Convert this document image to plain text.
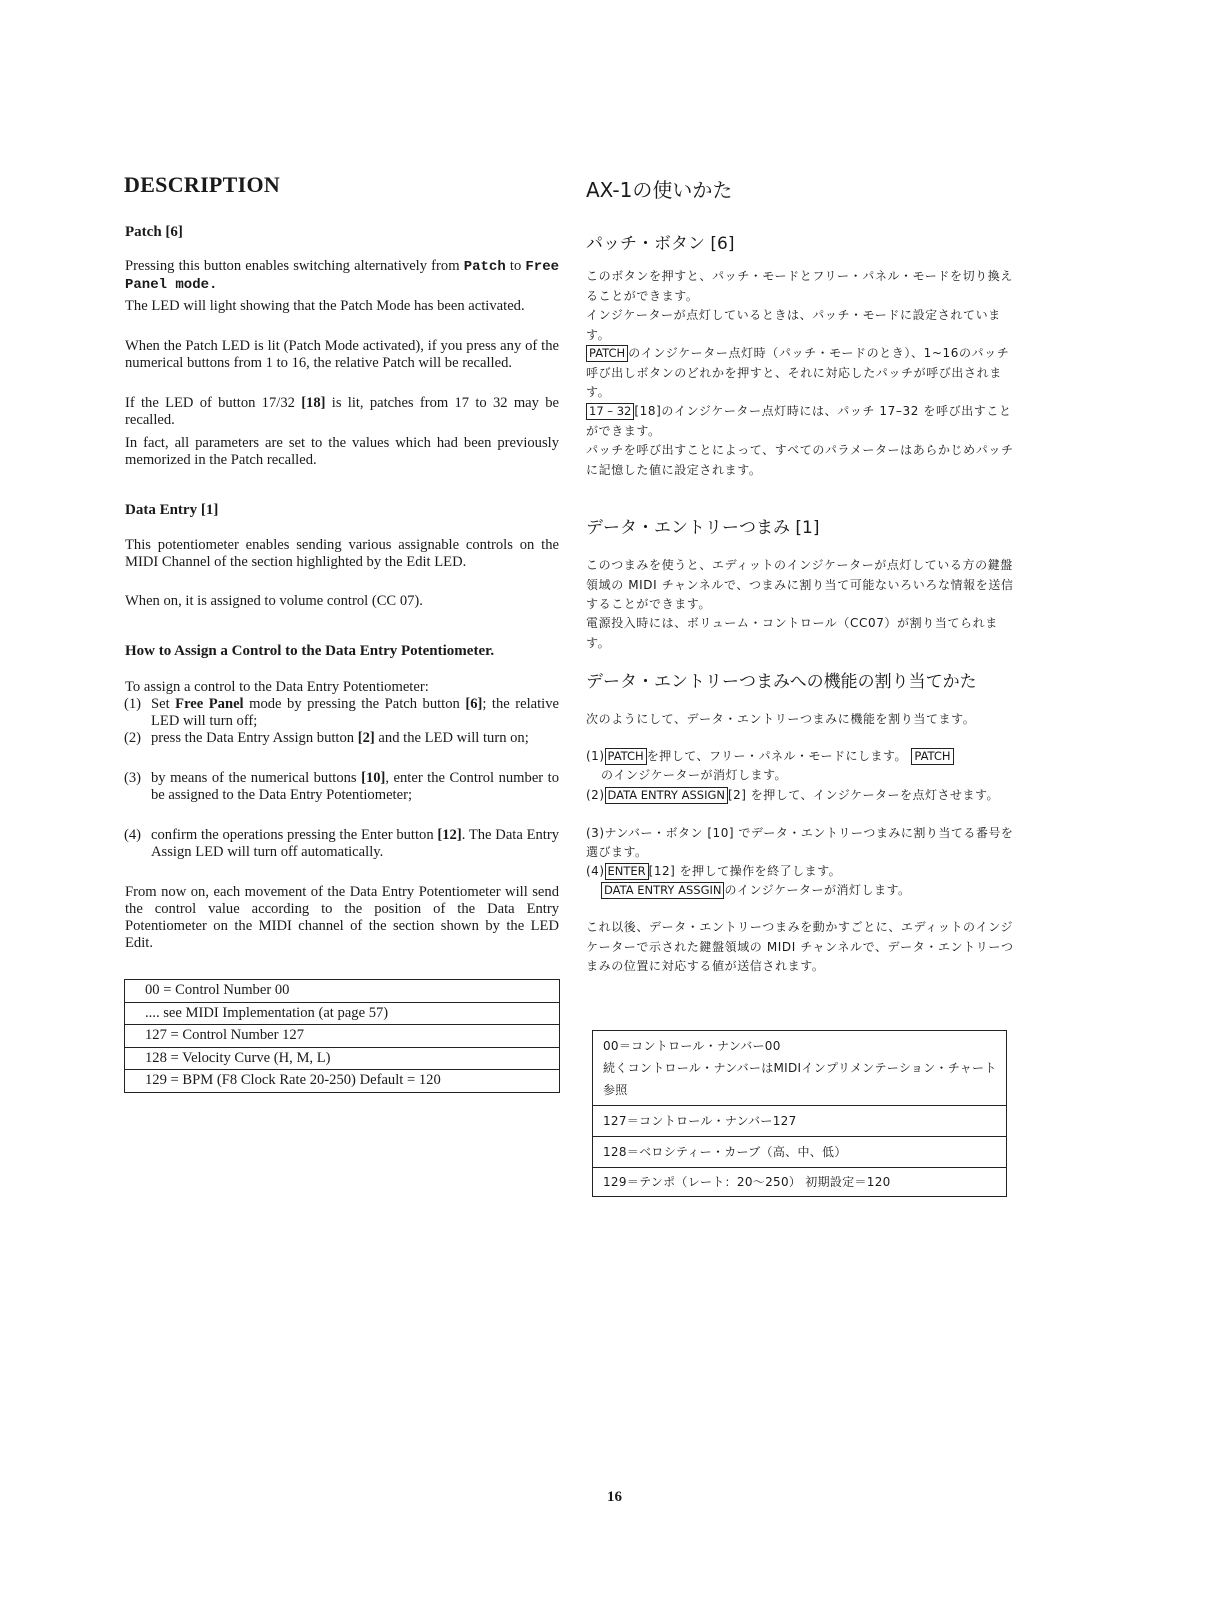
DESCRIPTION
Patch [6]
Pressing this button enables switching alternatively from Patch to Free Panel mode.
The LED will light showing that the Patch Mode has been activated.
When the Patch LED is lit (Patch Mode activated), if you press any of the numerical buttons from 1 to 16, the relative Patch will be recalled.
If the LED of button 17/32 [18] is lit, patches from 17 to 32 may be recalled.
In fact, all parameters are set to the values which had been previously memorized in the Patch recalled.
Data Entry [1]
This potentiometer enables sending various assignable controls on the MIDI Channel of the section highlighted by the Edit LED.
When on, it is assigned to volume control (CC 07).
How to Assign a Control to the Data Entry Potentiometer.
To assign a control to the Data Entry Potentiometer:
(1) Set Free Panel mode by pressing the Patch button [6]; the relative LED will turn off;
(2) press the Data Entry Assign button [2] and the LED will turn on;
(3) by means of the numerical buttons [10], enter the Control number to be assigned to the Data Entry Potentiometer;
(4) confirm the operations pressing the Enter button [12]. The Data Entry Assign LED will turn off automatically.
From now on, each movement of the Data Entry Potentiometer will send the control value according to the position of the Data Entry Potentiometer on the MIDI channel of the section shown by the LED Edit.
00 = Control Number 00
.... see MIDI Implementation (at page 57)
127 = Control Number 127
128 = Velocity Curve (H, M, L)
129 = BPM (F8 Clock Rate 20-250) Default = 120
AX-1の使いかた
パッチ・ボタン [6]
このボタンを押すと、パッチ・モードとフリー・パネル・モードを切り換えることができます。
インジケーターが点灯しているときは、パッチ・モードに設定されています。
PATCH のインジケーター点灯時（パッチ・モードのとき）、1~16のパッチ呼び出しボタンのどれかを押すと、それに対応したパッチが呼び出されます。
17 – 32 [18]のインジケーター点灯時には、パッチ 17–32 を呼び出すことができます。
パッチを呼び出すことによって、すべてのパラメーターはあらかじめパッチに記憶した値に設定されます。
データ・エントリーつまみ [1]
このつまみを使うと、エディットのインジケーターが点灯している方の鍵盤領域の MIDI チャンネルで、つまみに割り当て可能ないろいろな情報を送信することができます。
電源投入時には、ボリューム・コントロール（CC07）が割り当てられます。
データ・エントリーつまみへの機能の割り当てかた
次のようにして、データ・エントリーつまみに機能を割り当てます。
(1) PATCH を押して、フリー・パネル・モードにします。 PATCH
のインジケーターが消灯します。
(2) DATA ENTRY ASSIGN [2] を押して、インジケーターを点灯させます。
(3)ナンバー・ボタン [10] でデータ・エントリーつまみに割り当てる番号を選びます。
(4) ENTER [12] を押して操作を終了します。
DATA ENTRY ASSGIN のインジケーターが消灯します。
これ以後、データ・エントリーつまみを動かすごとに、エディットのインジケーターで示された鍵盤領域の MIDI チャンネルで、データ・エントリーつまみの位置に対応する値が送信されます。
00＝コントロール・ナンバー00
続くコントロール・ナンバーはMIDIインプリメンテーション・チャート参照
127＝コントロール・ナンバー127
128＝ベロシティー・カーブ（高、中、低）
129＝テンポ（レート：20〜250） 初期設定＝120
16
